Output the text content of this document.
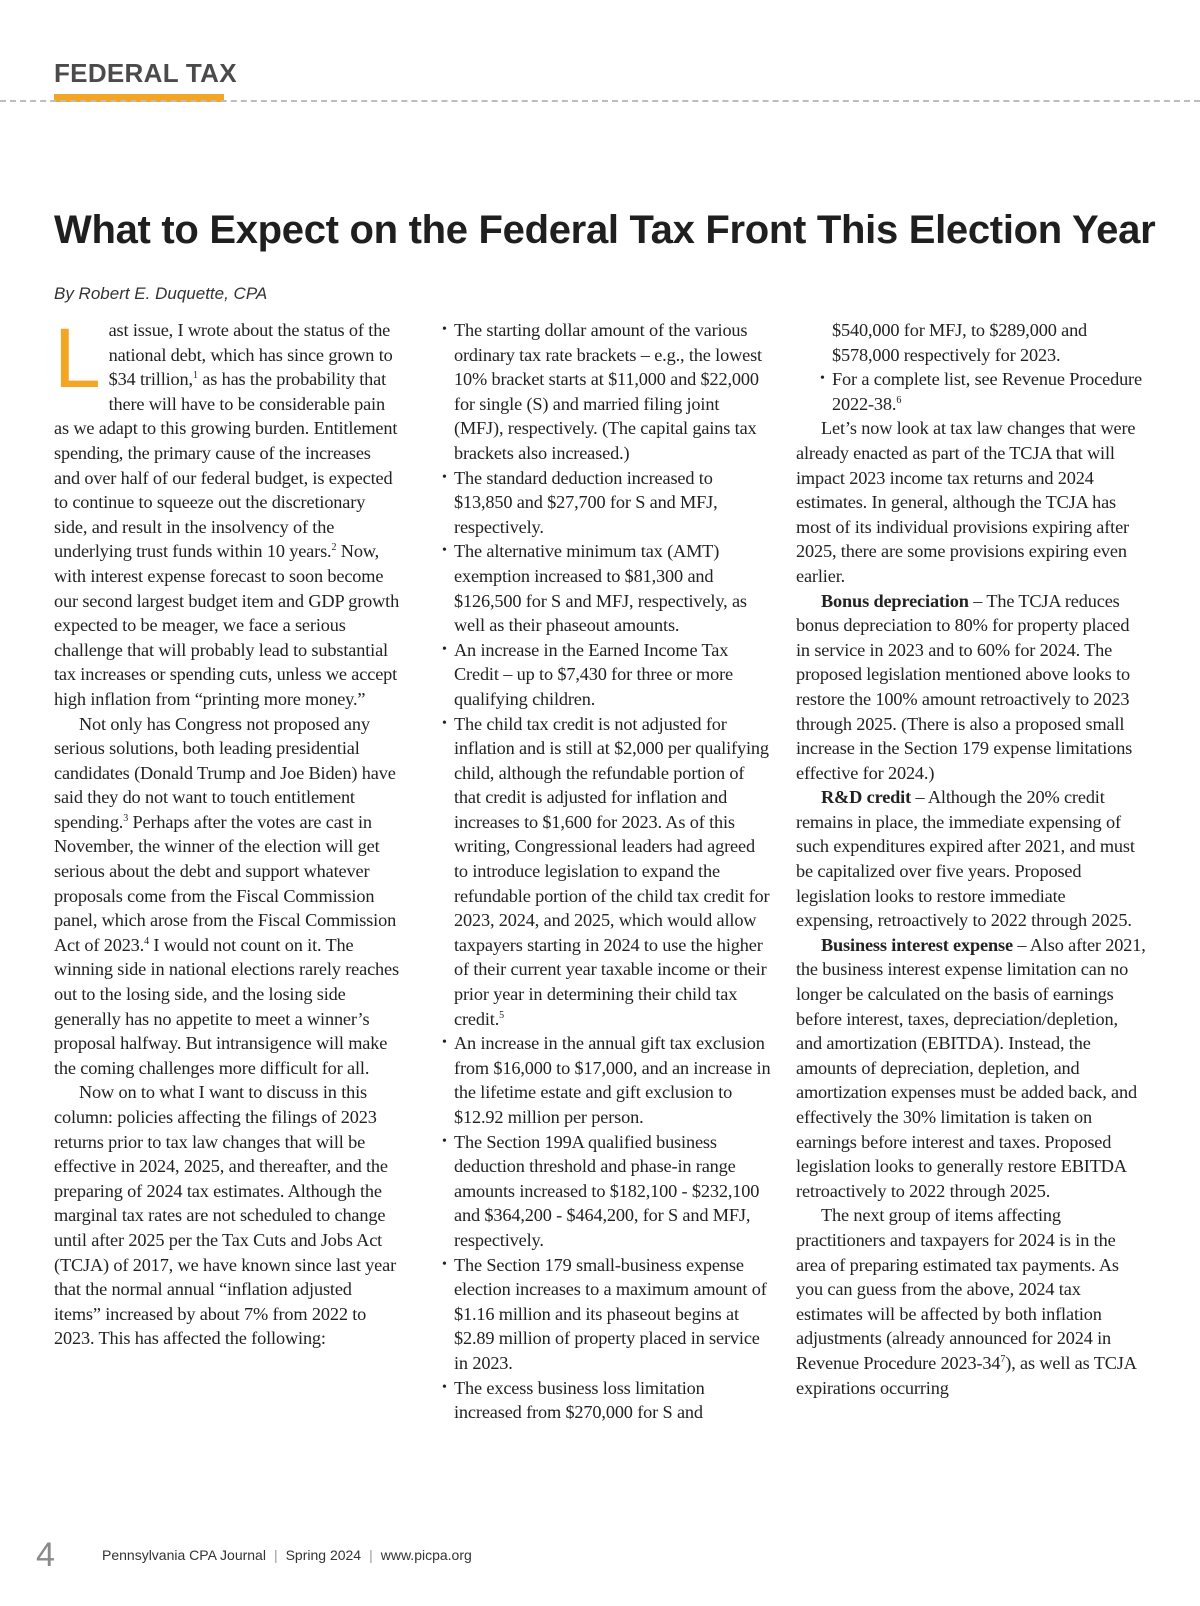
FEDERAL TAX
What to Expect on the Federal Tax Front This Election Year
By Robert E. Duquette, CPA

Last issue, I wrote about the status of the national debt, which has since grown to $34 trillion,$^1$ as has the probability that there will have to be considerable pain as we adapt to this growing burden. Entitlement spending, the primary cause of the increases and over half of our federal budget, is expected to continue to squeeze out the discretionary side, and result in the insolvency of the underlying trust funds within 10 years.$^2$ Now, with interest expense forecast to soon become our second largest budget item and GDP growth expected to be meager, we face a serious challenge that will probably lead to substantial tax increases or spending cuts, unless we accept high inflation from “printing more money.”

Not only has Congress not proposed any serious solutions, both leading presidential candidates (Donald Trump and Joe Biden) have said they do not want to touch entitlement spending.$^3$ Perhaps after the votes are cast in November, the winner of the election will get serious about the debt and support whatever proposals come from the Fiscal Commission panel, which arose from the Fiscal Commission Act of 2023.$^4$ I would not count on it. The winning side in national elections rarely reaches out to the losing side, and the losing side generally has no appetite to meet a winner’s proposal halfway. But intransigence will make the coming challenges more difficult for all.

Now on to what I want to discuss in this column: policies affecting the filings of 2023 returns prior to tax law changes that will be effective in 2024, 2025, and thereafter, and the preparing of 2024 tax estimates. Although the marginal tax rates are not scheduled to change until after 2025 per the Tax Cuts and Jobs Act (TCJA) of 2017, we have known since last year that the normal annual “inflation adjusted items” increased by about 7% from 2022 to 2023. This has affected the following:

• The starting dollar amount of the various ordinary tax rate brackets – e.g., the lowest 10% bracket starts at $11,000 and $22,000 for single (S) and married filing joint (MFJ), respectively. (The capital gains tax brackets also increased.)
• The standard deduction increased to $13,850 and $27,700 for S and MFJ, respectively.
• The alternative minimum tax (AMT) exemption increased to $81,300 and $126,500 for S and MFJ, respectively, as well as their phaseout amounts.
• An increase in the Earned Income Tax Credit – up to $7,430 for three or more qualifying children.
• The child tax credit is not adjusted for inflation and is still at $2,000 per qualifying child, although the refundable portion of that credit is adjusted for inflation and increases to $1,600 for 2023. As of this writing, Congressional leaders had agreed to introduce legislation to expand the refundable portion of the child tax credit for 2023, 2024, and 2025, which would allow taxpayers starting in 2024 to use the higher of their current year taxable income or their prior year in determining their child tax credit.$^5$
• An increase in the annual gift tax exclusion from $16,000 to $17,000, and an increase in the lifetime estate and gift exclusion to $12.92 million per person.
• The Section 199A qualified business deduction threshold and phase-in range amounts increased to $182,100 - $232,100 and $364,200 - $464,200, for S and MFJ, respectively.
• The Section 179 small-business expense election increases to a maximum amount of $1.16 million and its phaseout begins at $2.89 million of property placed in service in 2023.
• The excess business loss limitation increased from $270,000 for S and

$540,000 for MFJ, to $289,000 and $578,000 respectively for 2023.

• For a complete list, see Revenue Procedure 2022-38.$^6$

Let’s now look at tax law changes that were already enacted as part of the TCJA that will impact 2023 income tax returns and 2024 estimates. In general, although the TCJA has most of its individual provisions expiring after 2025, there are some provisions expiring even earlier.

Bonus depreciation – The TCJA reduces bonus depreciation to 80% for property placed in service in 2023 and to 60% for 2024. The proposed legislation mentioned above looks to restore the 100% amount retroactively to 2023 through 2025. (There is also a proposed small increase in the Section 179 expense limitations effective for 2024.)

R&D credit – Although the 20% credit remains in place, the immediate expensing of such expenditures expired after 2021, and must be capitalized over five years. Proposed legislation looks to restore immediate expensing, retroactively to 2022 through 2025.

Business interest expense – Also after 2021, the business interest expense limitation can no longer be calculated on the basis of earnings before interest, taxes, depreciation/depletion, and amortization (EBITDA). Instead, the amounts of depreciation, depletion, and amortization expenses must be added back, and effectively the 30% limitation is taken on earnings before interest and taxes. Proposed legislation looks to generally restore EBITDA retroactively to 2022 through 2025.

The next group of items affecting practitioners and taxpayers for 2024 is in the area of preparing estimated tax payments. As you can guess from the above, 2024 tax estimates will be affected by both inflation adjustments (already announced for 2024 in Revenue Procedure $2023-34^7$), as well as TCJA expirations occurring

4	Pennsylvania CPA Journal | Spring 2024 | www.picpa.org
